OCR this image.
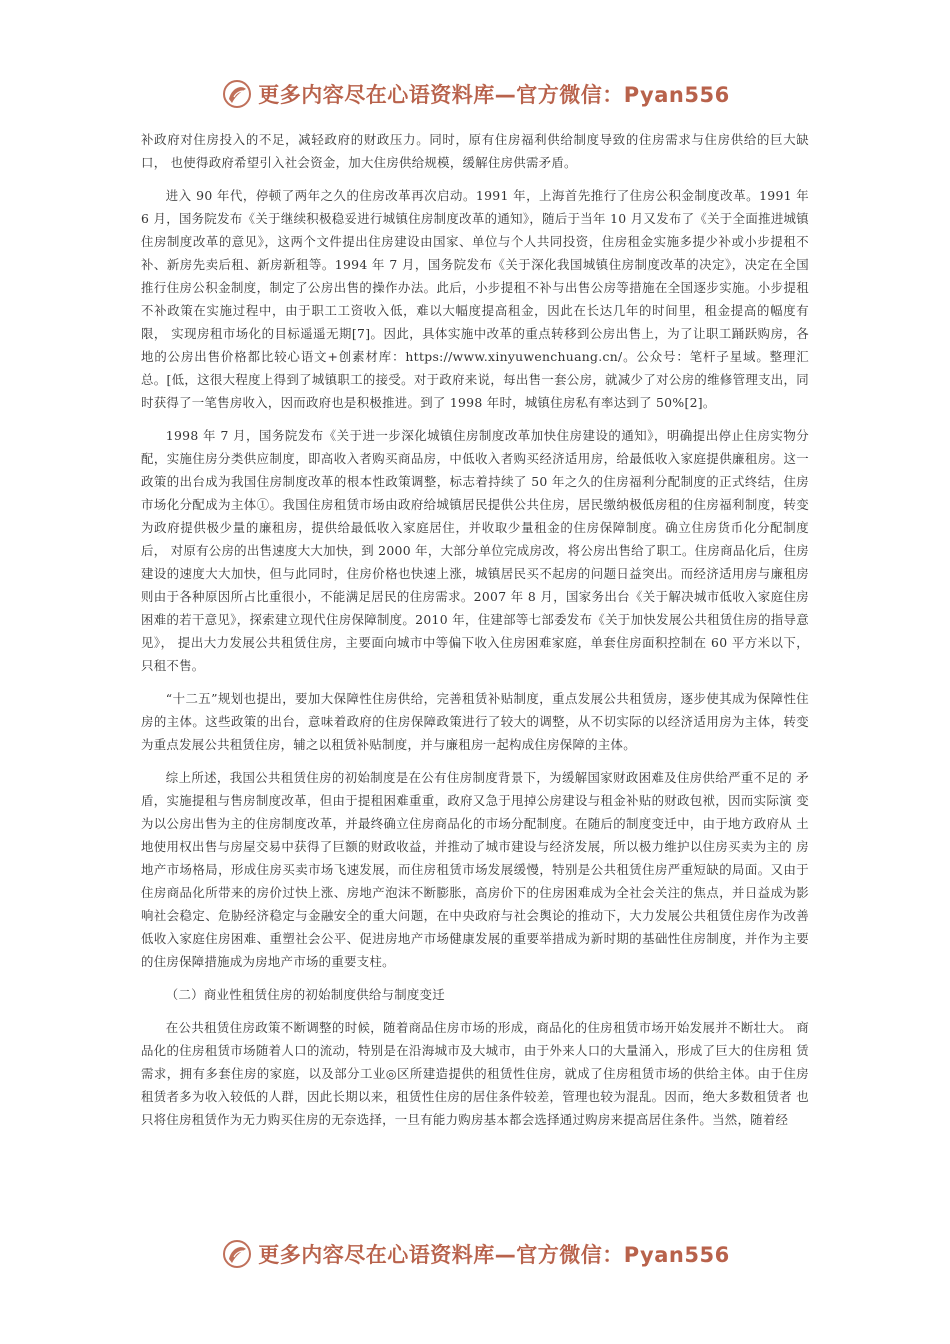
更多内容尽在心语资料库—官方微信：Pyan556

补政府对住房投入的不足，减轻政府的财政压力。同时，原有住房福利供给制度导致的住房需求与住房供给的巨大缺口， 也使得政府希望引入社会资金，加大住房供给规模，缓解住房供需矛盾。

进入 90 年代，停顿了两年之久的住房改革再次启动。1991 年，上海首先推行了住房公积金制度改革。1991 年 6 月，国务院发布《关于继续积极稳妥进行城镇住房制度改革的通知》，随后于当年 10 月又发布了《关于全面推进城镇住房制度改革的意见》，这两个文件提出住房建设由国家、单位与个人共同投资，住房租金实施多提少补或小步提租不补、新房先卖后租、新房新租等。1994 年 7 月，国务院发布《关于深化我国城镇住房制度改革的决定》，决定在全国推行住房公积金制度，制定了公房出售的操作办法。此后，小步提租不补与出售公房等措施在全国逐步实施。小步提租不补政策在实施过程中，由于职工工资收入低，难以大幅度提高租金，因此在长达几年的时间里，租金提高的幅度有限， 实现房租市场化的目标遥遥无期[7]。因此，具体实施中改革的重点转移到公房出售上，为了让职工踊跃购房，各地的公房出售价格都比较心语文+创素材库：https://www.xinyuwenchuang.cn/。公众号：笔杆子星域。整理汇总。[低，这很大程度上得到了城镇职工的接受。对于政府来说，每出售一套公房，就减少了对公房的维修管理支出，同时获得了一笔售房收入，因而政府也是积极推进。到了 1998 年时，城镇住房私有率达到了 50%[2]。

1998 年 7 月，国务院发布《关于进一步深化城镇住房制度改革加快住房建设的通知》，明确提出停止住房实物分配，实施住房分类供应制度，即高收入者购买商品房，中低收入者购买经济适用房，给最低收入家庭提供廉租房。这一政策的出台成为我国住房制度改革的根本性政策调整，标志着持续了 50 年之久的住房福利分配制度的正式终结，住房市场化分配成为主体①。我国住房租赁市场由政府给城镇居民提供公共住房，居民缴纳极低房租的住房福利制度，转变为政府提供极少量的廉租房，提供给最低收入家庭居住，并收取少量租金的住房保障制度。确立住房货币化分配制度后， 对原有公房的出售速度大大加快，到 2000 年，大部分单位完成房改，将公房出售给了职工。住房商品化后，住房建设的速度大大加快，但与此同时，住房价格也快速上涨，城镇居民买不起房的问题日益突出。而经济适用房与廉租房则由于各种原因所占比重很小，不能满足居民的住房需求。2007 年 8 月，国家务出台《关于解决城市低收入家庭住房困难的若干意见》，探索建立现代住房保障制度。2010 年，住建部等七部委发布《关于加快发展公共租赁住房的指导意见》， 提出大力发展公共租赁住房，主要面向城市中等偏下收入住房困难家庭，单套住房面积控制在 60 平方米以下，只租不售。

“十二五”规划也提出，要加大保障性住房供给，完善租赁补贴制度，重点发展公共租赁房，逐步使其成为保障性住 房的主体。这些政策的出台，意味着政府的住房保障政策进行了较大的调整，从不切实际的以经济适用房为主体，转变 为重点发展公共租赁住房，辅之以租赁补贴制度，并与廉租房一起构成住房保障的主体。

综上所述，我国公共租赁住房的初始制度是在公有住房制度背景下，为缓解国家财政困难及住房供给严重不足的 矛盾，实施提租与售房制度改革，但由于提租困难重重，政府又急于甩掉公房建设与租金补贴的财政包袱，因而实际演 变为以公房出售为主的住房制度改革，并最终确立住房商品化的市场分配制度。在随后的制度变迁中，由于地方政府从 土地使用权出售与房屋交易中获得了巨额的财政收益，并推动了城市建设与经济发展，所以极力维护以住房买卖为主的 房地产市场格局，形成住房买卖市场飞速发展，而住房租赁市场发展缓慢，特别是公共租赁住房严重短缺的局面。又由于住房商品化所带来的房价过快上涨、房地产泡沫不断膨胀，高房价下的住房困难成为全社会关注的焦点，并日益成为影响社会稳定、危胁经济稳定与金融安全的重大问题，在中央政府与社会舆论的推动下，大力发展公共租赁住房作为改善低收入家庭住房困难、重塑社会公平、促进房地产市场健康发展的重要举措成为新时期的基础性住房制度，并作为主要的住房保障措施成为房地产市场的重要支柱。

（二）商业性租赁住房的初始制度供给与制度变迁

在公共租赁住房政策不断调整的时候，随着商品住房市场的形成，商品化的住房租赁市场开始发展并不断壮大。 商品化的住房租赁市场随着人口的流动，特别是在沿海城市及大城市，由于外来人口的大量涌入，形成了巨大的住房租 赁需求，拥有多套住房的家庭，以及部分工业◎区所建造提供的租赁性住房，就成了住房租赁市场的供给主体。由于住房租赁者多为收入较低的人群，因此长期以来，租赁性住房的居住条件较差，管理也较为混乱。因而，绝大多数租赁者 也只将住房租赁作为无力购买住房的无奈选择，一旦有能力购房基本都会选择通过购房来提高居住条件。当然，随着经

更多内容尽在心语资料库—官方微信：Pyan556
